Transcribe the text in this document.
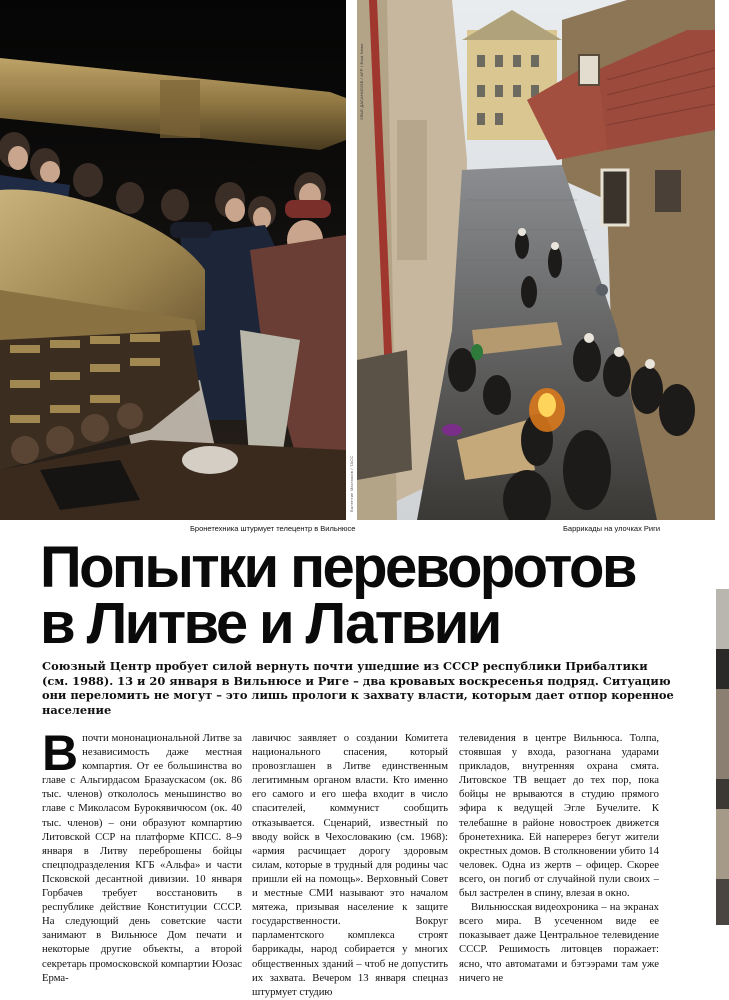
Валентин Мастюков / ТАСС
Бронетехника штурмует телецентр в Вильнюсе
УЛЬЕ ДАСАНИСОВ / AFP / East News
Баррикады на улочках Риги
Попытки переворотов
в Литве и Латвии

Союзный Центр пробует силой вернуть почти ушедшие из СССР республики Прибалтики (см. 1988). 13 и 20 января в Вильнюсе и Риге – два кровавых воскресенья подряд. Ситуацию они переломить не могут – это лишь прологи к захвату власти, которым дает отпор коренное население

Впочти мононациональной Литве за независимость даже местная компартия. От ее большинства во главе с Альгирдасом Бразаускасом (ок. 86 тыс. членов) откололось меньшинство во главе с Миколасом Бурокявичюсом (ок. 40 тыс. членов) – они образуют компартию Литовской ССР на платформе КПСС. 8–9 января в Литву переброшены бойцы спецподразделения КГБ «Альфа» и части Псковской десантной дивизии. 10 января Горбачев требует восстановить в республике действие Конституции СССР. На следующий день советские части занимают в Вильнюсе Дом печати и некоторые другие объекты, а второй секретарь промосковской компартии Юозас Ерма-

лавичюс заявляет о создании Комитета национального спасения, который провозглашен в Литве единственным легитимным органом власти. Кто именно его самого и его шефа входит в число спасителей, коммунист сообщить отказывается. Сценарий, известный по вводу войск в Чехословакию (см. 1968): «армия расчищает дорогу здоровым силам, которые в трудный для родины час пришли ей на помощь». Верховный Совет и местные СМИ называют это началом мятежа, призывая население к защите государственности. Вокруг парламентского комплекса строят баррикады, народ собирается у многих общественных зданий – чтоб не допустить их захвата. Вечером 13 января спецназ штурмует студию

телевидения в центре Вильнюса. Толпа, стоявшая у входа, разогнана ударами прикладов, внутренняя охрана смята. Литовское ТВ вещает до тех пор, пока бойцы не врываются в студию прямого эфира к ведущей Эгле Бучелите. К телебашне в районе новостроек движется бронетехника. Ей наперерез бегут жители окрестных домов. В столкновении убито 14 человек. Одна из жертв – офицер. Скорее всего, он погиб от случайной пули своих – был застрелен в спину, влезая в окно.

Вильнюсская видеохроника – на экранах всего мира. В усеченном виде ее показывает даже Центральное телевидение СССР. Решимость литовцев поражает: ясно, что автоматами и бэтээрами там уже ничего не
